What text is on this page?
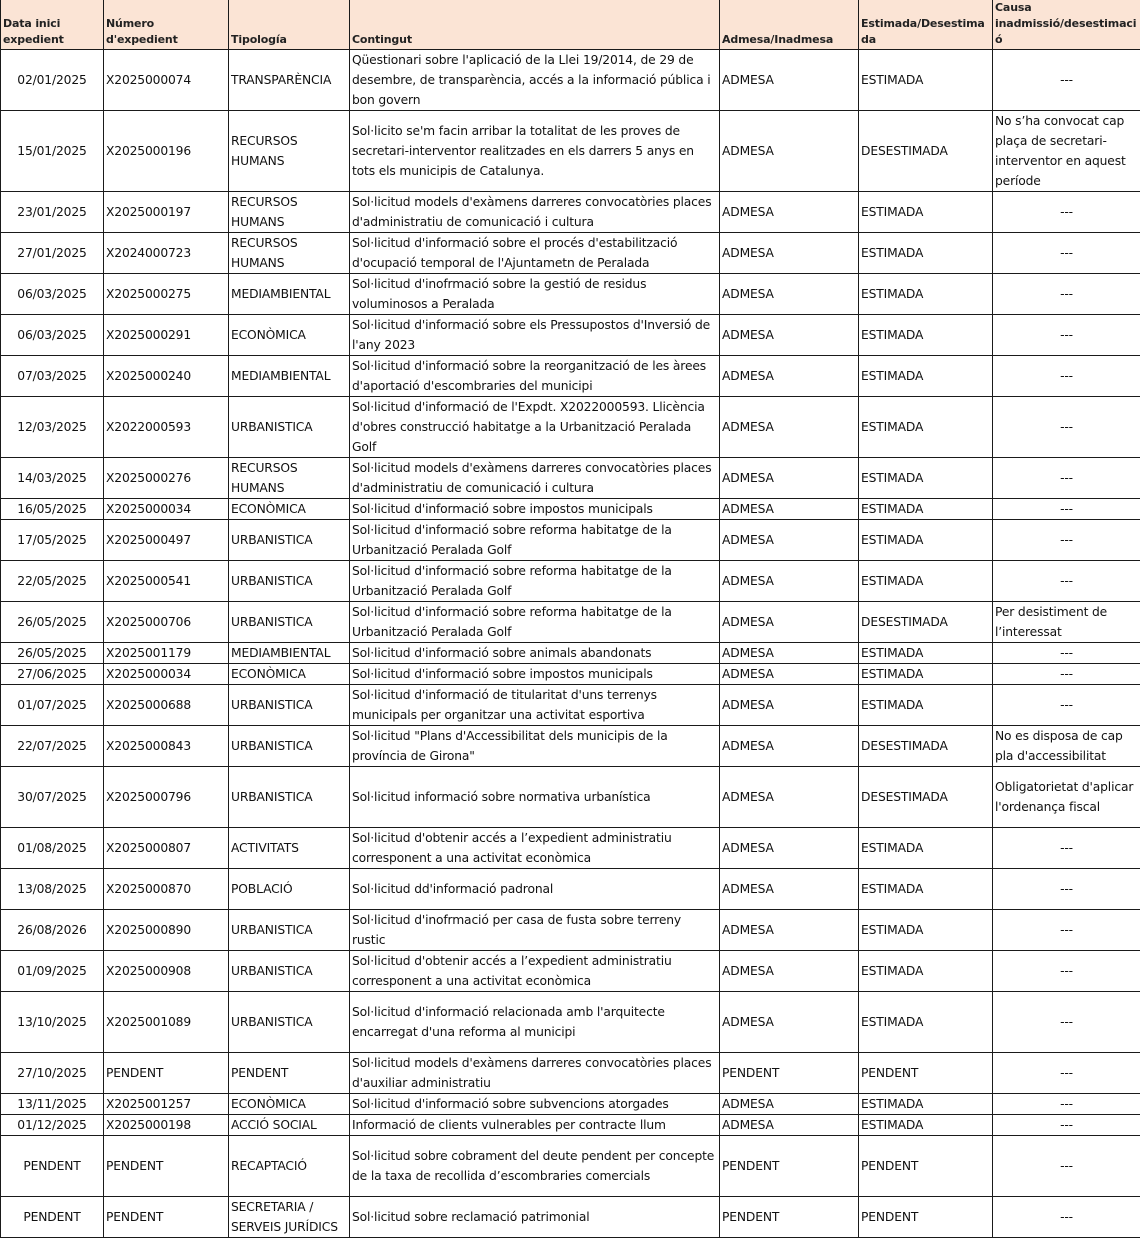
Data inici expedient	Número d'expedient	Tipología	Contingut	Admesa/Inadmesa	Estimada/Desestimada	Causa inadmissió/desestimació
02/01/2025	X2025000074	TRANSPARÈNCIA	Qüestionari sobre l'aplicació de la Llei 19/2014, de 29 de desembre, de transparència, accés a la informació pública i bon govern	ADMESA	ESTIMADA	---
15/01/2025	X2025000196	RECURSOS HUMANS	Sol·licito se'm facin arribar la totalitat de les proves de secretari-interventor realitzades en els darrers 5 anys en tots els municipis de Catalunya.	ADMESA	DESESTIMADA	No s’ha convocat cap plaça de secretari-interventor en aquest període
23/01/2025	X2025000197	RECURSOS HUMANS	Sol·licitud models d'exàmens darreres convocatòries places d'administratiu de comunicació i cultura	ADMESA	ESTIMADA	---
27/01/2025	X2024000723	RECURSOS HUMANS	Sol·licitud d'informació sobre el procés d'estabilització d'ocupació temporal de l'Ajuntametn de Peralada	ADMESA	ESTIMADA	---
06/03/2025	X2025000275	MEDIAMBIENTAL	Sol·licitud d'inofrmació sobre la gestió de residus voluminosos a Peralada	ADMESA	ESTIMADA	---
06/03/2025	X2025000291	ECONÒMICA	Sol·licitud d'informació sobre els Pressupostos d'Inversió de l'any 2023	ADMESA	ESTIMADA	---
07/03/2025	X2025000240	MEDIAMBIENTAL	Sol·licitud d'informació sobre la reorganització de les àrees d'aportació d'escombraries del municipi	ADMESA	ESTIMADA	---
12/03/2025	X2022000593	URBANISTICA	Sol·licitud d'informació de l'Expdt. X2022000593. Llicència d'obres construcció habitatge a la Urbanització Peralada Golf	ADMESA	ESTIMADA	---
14/03/2025	X2025000276	RECURSOS HUMANS	Sol·licitud models d'exàmens darreres convocatòries places d'administratiu de comunicació i cultura	ADMESA	ESTIMADA	---
16/05/2025	X2025000034	ECONÒMICA	Sol·licitud d'informació sobre impostos municipals	ADMESA	ESTIMADA	---
17/05/2025	X2025000497	URBANISTICA	Sol·licitud d'informació sobre reforma habitatge de la Urbanització Peralada Golf	ADMESA	ESTIMADA	---
22/05/2025	X2025000541	URBANISTICA	Sol·licitud d'informació sobre reforma habitatge de la Urbanització Peralada Golf	ADMESA	ESTIMADA	---
26/05/2025	X2025000706	URBANISTICA	Sol·licitud d'informació sobre reforma habitatge de la Urbanització Peralada Golf	ADMESA	DESESTIMADA	Per desistiment de l’interessat
26/05/2025	X2025001179	MEDIAMBIENTAL	Sol·licitud d'informació sobre animals abandonats	ADMESA	ESTIMADA	---
27/06/2025	X2025000034	ECONÒMICA	Sol·licitud d'informació sobre impostos municipals	ADMESA	ESTIMADA	---
01/07/2025	X2025000688	URBANISTICA	Sol·licitud d'informació de titularitat d'uns terrenys municipals per organitzar una activitat esportiva	ADMESA	ESTIMADA	---
22/07/2025	X2025000843	URBANISTICA	Sol·licitud "Plans d'Accessibilitat dels municipis de la província de Girona"	ADMESA	DESESTIMADA	No es disposa de cap pla d'accessibilitat
30/07/2025	X2025000796	URBANISTICA	Sol·licitud informació sobre normativa urbanística	ADMESA	DESESTIMADA	Obligatorietat d'aplicar l'ordenança fiscal
01/08/2025	X2025000807	ACTIVITATS	Sol·licitud d'obtenir accés a l’expedient administratiu corresponent a una activitat econòmica	ADMESA	ESTIMADA	---
13/08/2025	X2025000870	POBLACIÓ	Sol·licitud dd'informació padronal	ADMESA	ESTIMADA	---
26/08/2026	X2025000890	URBANISTICA	Sol·licitud d'inofrmació per casa de fusta sobre terreny rustic	ADMESA	ESTIMADA	---
01/09/2025	X2025000908	URBANISTICA	Sol·licitud d'obtenir accés a l’expedient administratiu corresponent a una activitat econòmica	ADMESA	ESTIMADA	---
13/10/2025	X2025001089	URBANISTICA	Sol·licitud d'informació relacionada amb l'arquitecte encarregat d'una reforma al municipi	ADMESA	ESTIMADA	---
27/10/2025	PENDENT	PENDENT	Sol·licitud models d'exàmens darreres convocatòries places d'auxiliar administratiu	PENDENT	PENDENT	---
13/11/2025	X2025001257	ECONÒMICA	Sol·licitud d'informació sobre subvencions atorgades	ADMESA	ESTIMADA	---
01/12/2025	X2025000198	ACCIÓ SOCIAL	Informació de clients vulnerables per contracte llum	ADMESA	ESTIMADA	---
PENDENT	PENDENT	RECAPTACIÓ	Sol·licitud sobre cobrament del deute pendent per concepte de la taxa de recollida d’escombraries comercials	PENDENT	PENDENT	---
PENDENT	PENDENT	SECRETARIA / SERVEIS JURÍDICS	Sol·licitud sobre reclamació patrimonial	PENDENT	PENDENT	---
